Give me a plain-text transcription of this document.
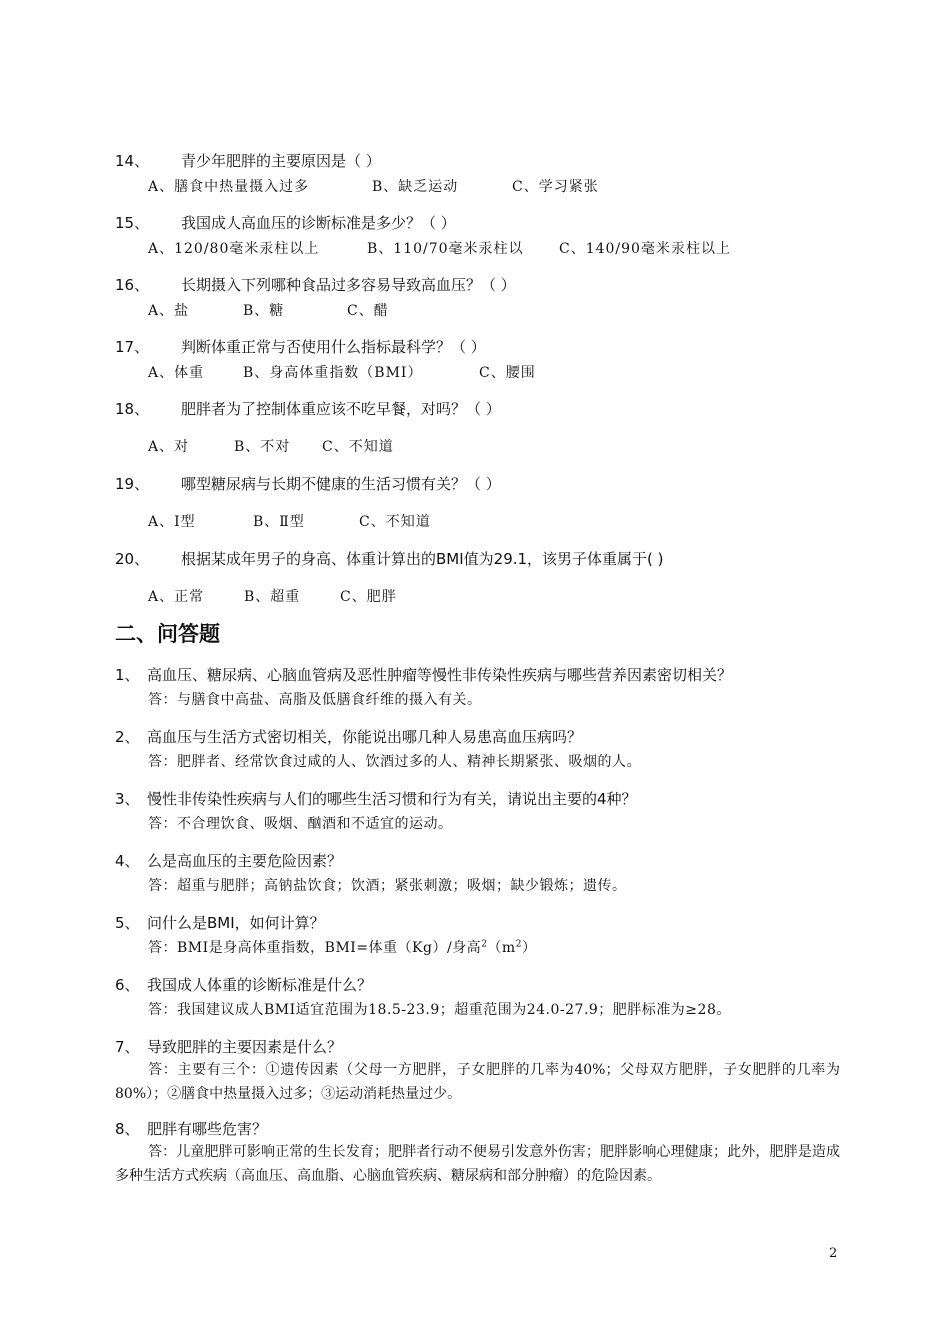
14、 青少年肥胖的主要原因是（ ）
A、膳食中热量摄入过多	B、缺乏运动	C、学习紧张
15、 我国成人高血压的诊断标准是多少？（ ）
A、120/80毫米汞柱以上	B、110/70毫米汞柱以	C、140/90毫米汞柱以上
16、 长期摄入下列哪种食品过多容易导致高血压？（ ）
A、盐	B、糖	C、醋
17、 判断体重正常与否使用什么指标最科学？（ ）
A、体重	B、身高体重指数（BMI）	C、腰围
18、 肥胖者为了控制体重应该不吃早餐，对吗？（ ）
A、对	B、不对 C、不知道
19、 哪型糖尿病与长期不健康的生活习惯有关？（ ）
A、Ⅰ型	B、Ⅱ型	C、不知道
20、 根据某成年男子的身高、体重计算出的BMI值为29.1，该男子体重属于( )
A、正常	B、超重	C、肥胖
二、问答题
1、 高血压、糖尿病、心脑血管病及恶性肿瘤等慢性非传染性疾病与哪些营养因素密切相关？
答：与膳食中高盐、高脂及低膳食纤维的摄入有关。
2、 高血压与生活方式密切相关，你能说出哪几种人易患高血压病吗？
答：肥胖者、经常饮食过咸的人、饮酒过多的人、精神长期紧张、吸烟的人。
3、 慢性非传染性疾病与人们的哪些生活习惯和行为有关，请说出主要的4种？
答：不合理饮食、吸烟、酗酒和不适宜的运动。
4、 么是高血压的主要危险因素？
答：超重与肥胖；高钠盐饮食；饮酒；紧张刺激；吸烟；缺少锻炼；遗传。
5、 问什么是BMI，如何计算？
答：BMI是身高体重指数，BMI=体重（Kg）/身高$^2(m^2)$
6、 我国成人体重的诊断标准是什么？
答：我国建议成人BMI适宜范围为18.5-23.9；超重范围为24.0-27.9；肥胖标准为≥28。
7、 导致肥胖的主要因素是什么？
答：主要有三个：①遗传因素（父母一方肥胖，子女肥胖的几率为40%；父母双方肥胖，子女肥胖的几率为80%）；②膳食中热量摄入过多；③运动消耗热量过少。
8、 肥胖有哪些危害？
答：儿童肥胖可影响正常的生长发育；肥胖者行动不便易引发意外伤害；肥胖影响心理健康；此外，肥胖是造成多种生活方式疾病（高血压、高血脂、心脑血管疾病、糖尿病和部分肿瘤）的危险因素。
2
